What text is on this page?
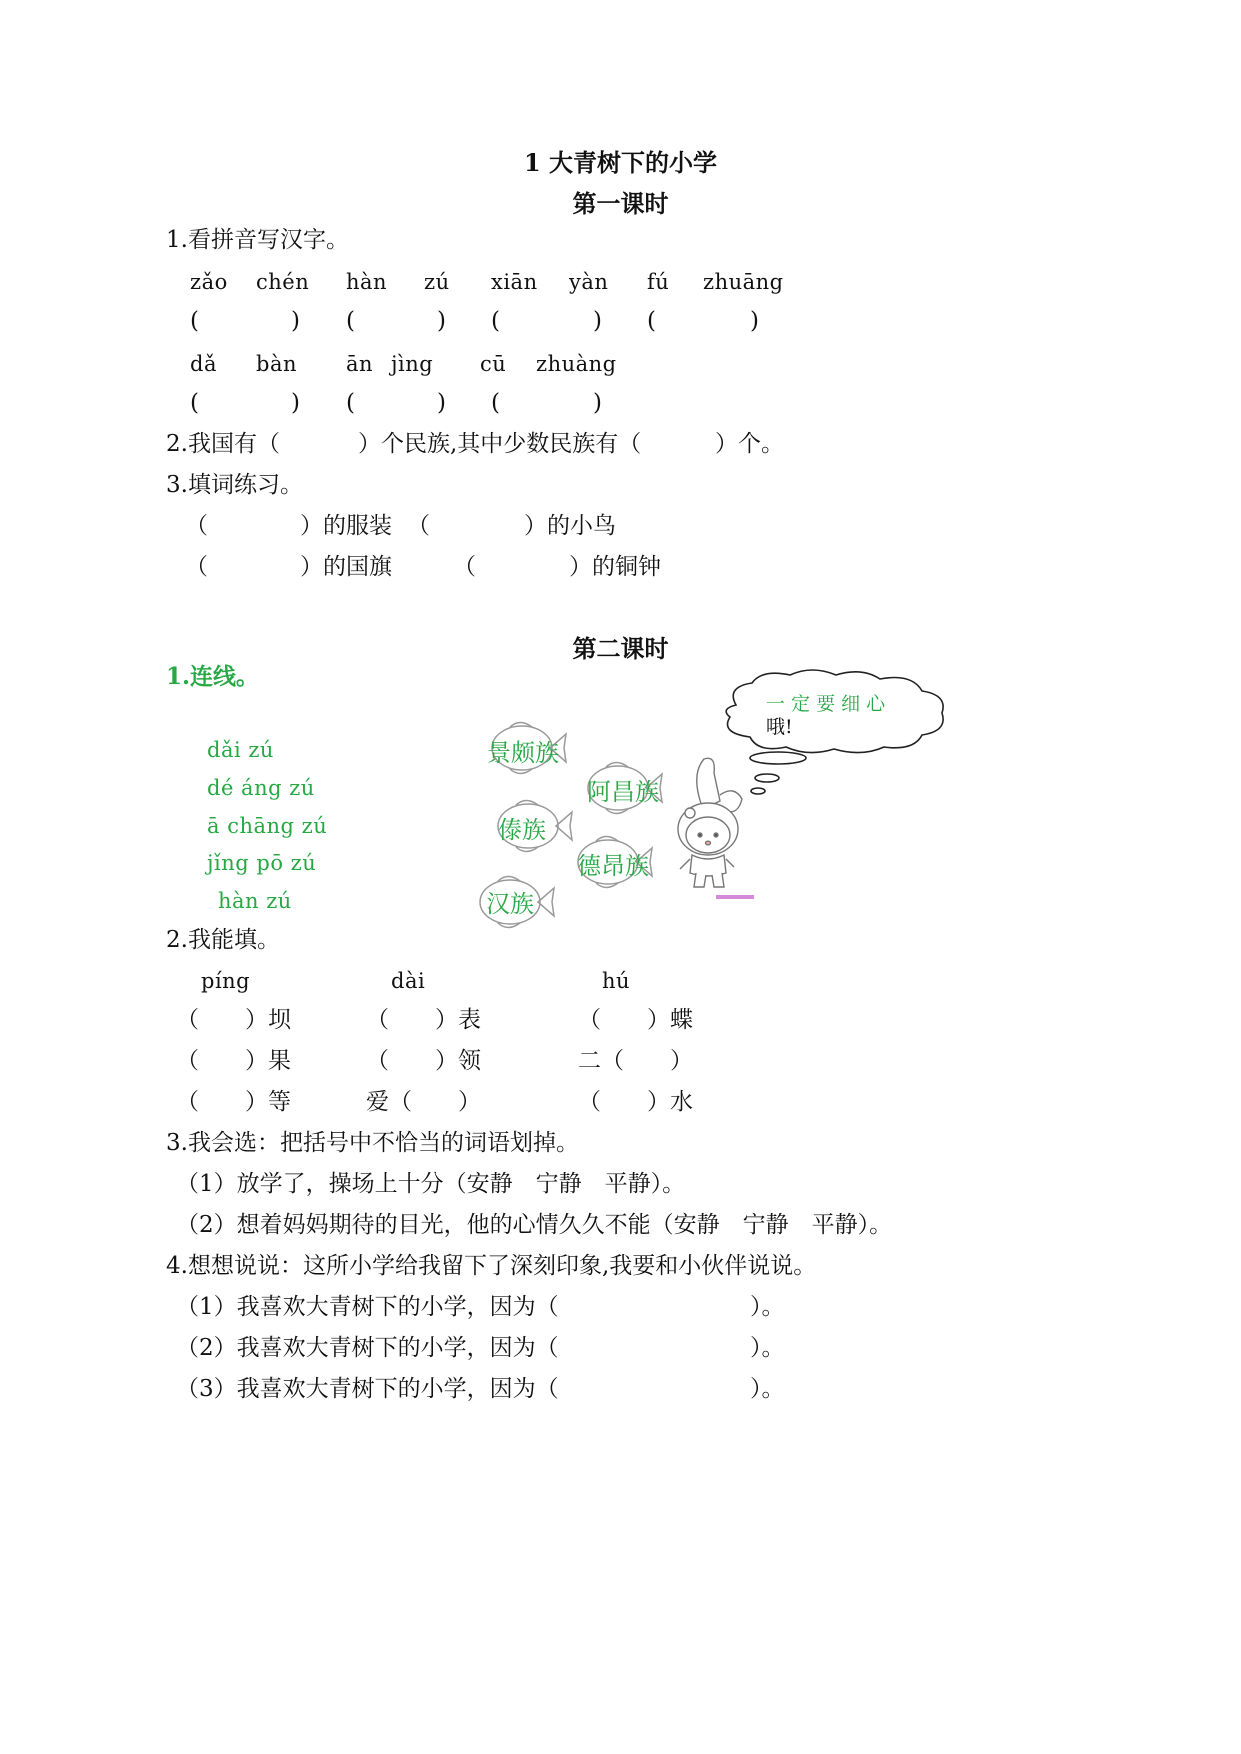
1 大青树下的小学
第一课时
1.看拼音写汉字。
zǎo chén hàn zú xiān yàn fú zhuāng
(	) (	) (	) (	)
dǎ bàn ān jìng cū zhuàng
(	) (	) (	)
2.我国有（	）个民族,其中少数民族有（	）个。
3.填词练习。
（	）的服装 （	）的小鸟
（	）的国旗	（	）的铜钟
第二课时
1.连线。
dǎi zú
dé áng zú
ā chāng zú
jǐng pō zú
hàn zú
景颇族
阿昌族
傣族
德昂族
汉族
一 定 要 细 心
哦!
2.我能填。
píng	dài	hú
（　　）坝	（　　）表	（　　）蝶
（　　）果	（　　）领	二（　　）
（　　）等	爱（　　）	（　　）水
3.我会选：把括号中不恰当的词语划掉。
（1）放学了，操场上十分（安静　宁静　平静）。
（2）想着妈妈期待的目光，他的心情久久不能（安静　宁静　平静）。
4.想想说说：这所小学给我留下了深刻印象,我要和小伙伴说说。
（1）我喜欢大青树下的小学，因为（	）。
（2）我喜欢大青树下的小学，因为（	）。
（3）我喜欢大青树下的小学，因为（	）。
